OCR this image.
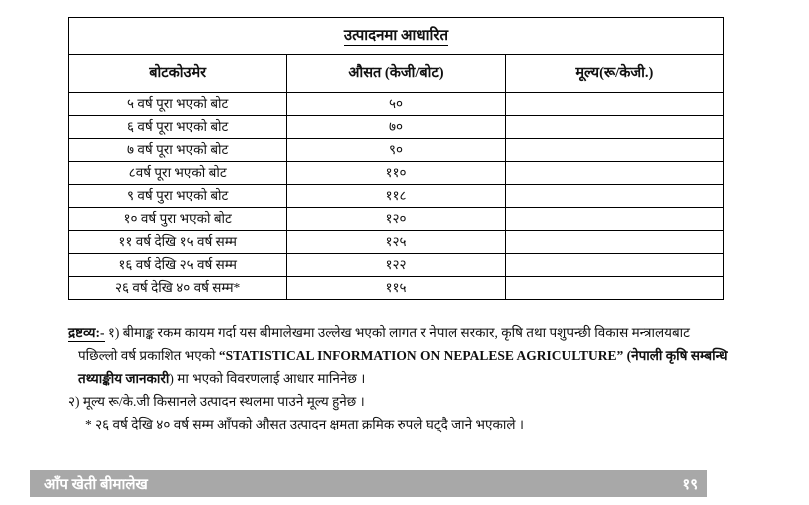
उत्पादनमा आधारित		
बोटकोउमेर	औसत (केजी/बोट)	मूल्य(रू/केजी.)
५ वर्ष पूरा भएको बोट	५०	
६ वर्ष पूरा भएको बोट	७०	
७ वर्ष पूरा भएको बोट	९०	
८वर्ष पूरा भएको बोट	११०	
९ वर्ष पुरा भएको बोट	११८	
१० वर्ष पुरा भएको बोट	१२०	
११ वर्ष देखि १५ वर्ष सम्म	१२५	
१६ वर्ष देखि २५ वर्ष सम्म	१२२	
२६ वर्ष देखि ४० वर्ष सम्म*	११५	
द्रष्टव्य:- १) बीमाङ्क रकम कायम गर्दा यस बीमालेखमा उल्लेख भएको लागत र नेपाल सरकार, कृषि तथा पशुपन्छी विकास मन्त्रालयबाट
पछिल्लो वर्ष प्रकाशित भएको “STATISTICAL INFORMATION ON NEPALESE AGRICULTURE” (नेपाली कृषि सम्बन्धि
तथ्याङ्कीय जानकारी) मा भएको विवरणलाई आधार मानिनेछ ।
२) मूल्य रू/के.जी किसानले उत्पादन स्थलमा पाउने मूल्य हुनेछ ।
* २६ वर्ष देखि ४० वर्ष सम्म आँपको औसत उत्पादन क्षमता क्रमिक रुपले घट्दै जाने भएकाले ।
आँप खेती बीमालेख	१९
